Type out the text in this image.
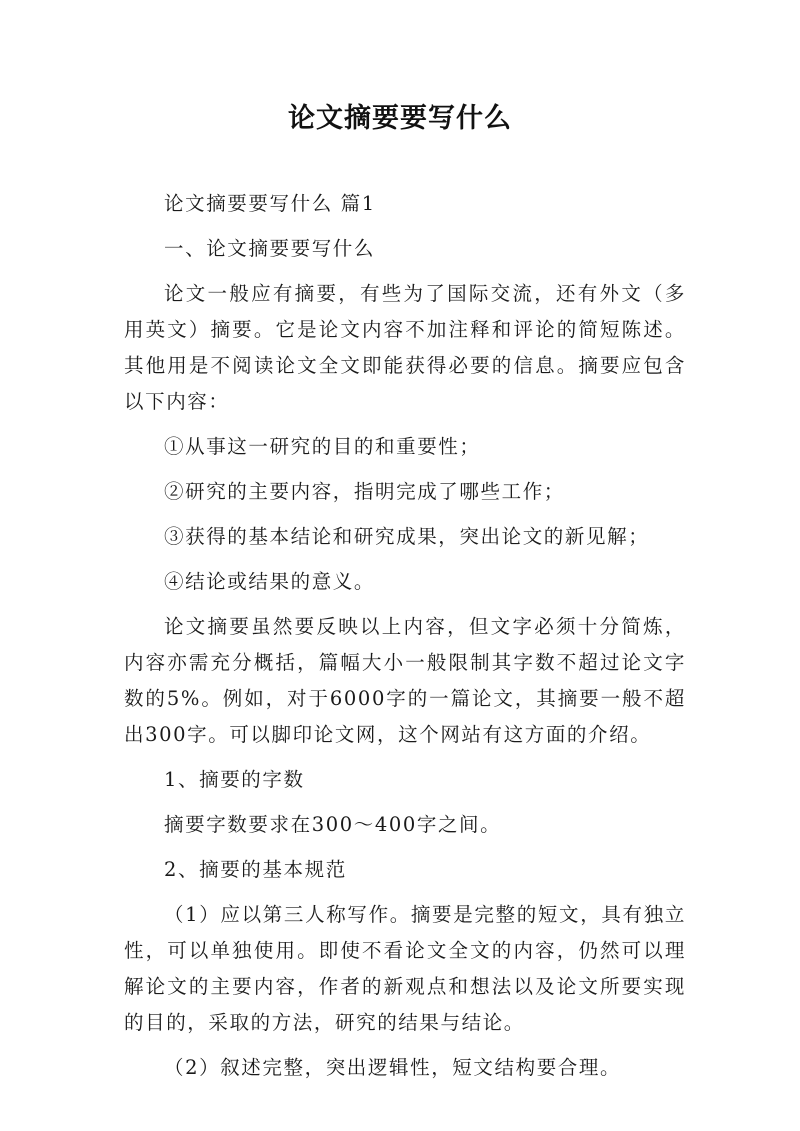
论文摘要要写什么

论文摘要要写什么 篇1

一、论文摘要要写什么

论文一般应有摘要，有些为了国际交流，还有外文（多用英文）摘要。它是论文内容不加注释和评论的简短陈述。其他用是不阅读论文全文即能获得必要的信息。摘要应包含以下内容：

①从事这一研究的目的和重要性；

②研究的主要内容，指明完成了哪些工作；

③获得的基本结论和研究成果，突出论文的新见解；

④结论或结果的意义。

论文摘要虽然要反映以上内容，但文字必须十分简炼，内容亦需充分概括，篇幅大小一般限制其字数不超过论文字数的5%。例如，对于6000字的一篇论文，其摘要一般不超出300字。可以脚印论文网，这个网站有这方面的介绍。

1、摘要的字数

摘要字数要求在300～400字之间。

2、摘要的基本规范

（1）应以第三人称写作。摘要是完整的短文，具有独立性，可以单独使用。即使不看论文全文的内容，仍然可以理解论文的主要内容，作者的新观点和想法以及论文所要实现的目的，采取的方法，研究的结果与结论。

（2）叙述完整，突出逻辑性，短文结构要合理。
